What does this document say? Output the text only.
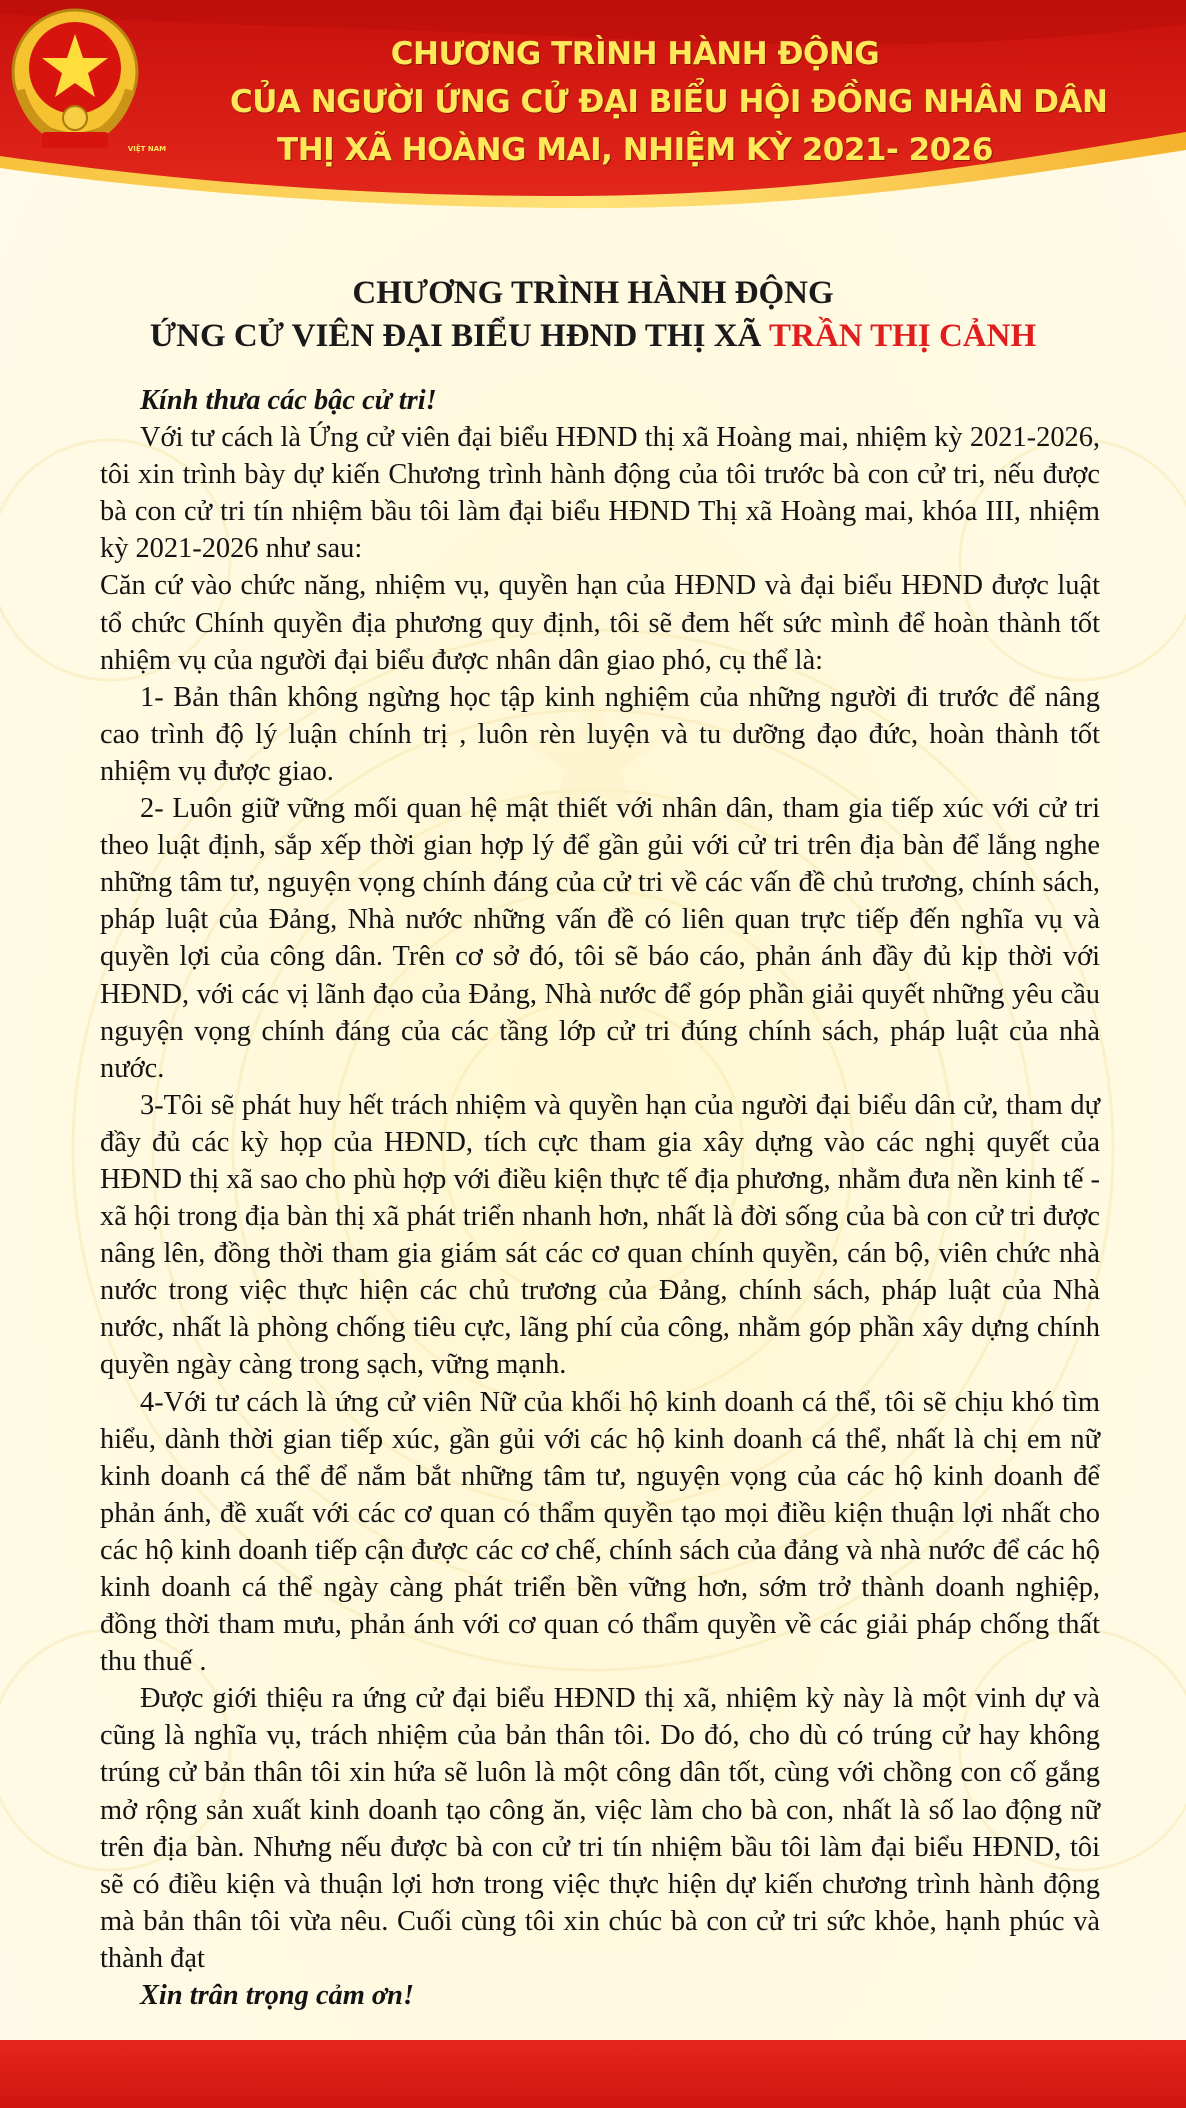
VIỆT NAM
CHƯƠNG TRÌNH HÀNH ĐỘNG
CỦA NGƯỜI ỨNG CỬ ĐẠI BIỂU HỘI ĐỒNG NHÂN DÂN
THỊ XÃ HOÀNG MAI, NHIỆM KỲ 2021- 2026
CHƯƠNG TRÌNH HÀNH ĐỘNG
ỨNG CỬ VIÊN ĐẠI BIỂU HĐND THỊ XÃ TRẦN THỊ CẢNH

Kính thưa các bậc cử tri!

Với tư cách là Ứng cử viên đại biểu HĐND thị xã Hoàng mai, nhiệm kỳ 2021-2026, tôi xin trình bày dự kiến Chương trình hành động của tôi trước bà con cử tri, nếu được bà con cử tri tín nhiệm bầu tôi làm đại biểu HĐND Thị xã Hoàng mai, khóa III, nhiệm kỳ 2021-2026 như sau:

Căn cứ vào chức năng, nhiệm vụ, quyền hạn của HĐND và đại biểu HĐND được luật tổ chức Chính quyền địa phương quy định, tôi sẽ đem hết sức mình để hoàn thành tốt nhiệm vụ của người đại biểu được nhân dân giao phó, cụ thể là:

1- Bản thân không ngừng học tập kinh nghiệm của những người đi trước để nâng cao trình độ lý luận chính trị , luôn rèn luyện và tu dưỡng đạo đức, hoàn thành tốt nhiệm vụ được giao.

2- Luôn giữ vững mối quan hệ mật thiết với nhân dân, tham gia tiếp xúc với cử tri theo luật định, sắp xếp thời gian hợp lý để gần gủi với cử tri trên địa bàn để lắng nghe những tâm tư, nguyện vọng chính đáng của cử tri về các vấn đề chủ trương, chính sách, pháp luật của Đảng, Nhà nước những vấn đề có liên quan trực tiếp đến nghĩa vụ và quyền lợi của công dân. Trên cơ sở đó, tôi sẽ báo cáo, phản ánh đầy đủ kịp thời với HĐND, với các vị lãnh đạo của Đảng, Nhà nước để góp phần giải quyết những yêu cầu nguyện vọng chính đáng của các tầng lớp cử tri đúng chính sách, pháp luật của nhà nước.

3-Tôi sẽ phát huy hết trách nhiệm và quyền hạn của người đại biểu dân cử, tham dự đầy đủ các kỳ họp của HĐND, tích cực tham gia xây dựng vào các nghị quyết của HĐND thị xã sao cho phù hợp với điều kiện thực tế địa phương, nhằm đưa nền kinh tế - xã hội trong địa bàn thị xã phát triển nhanh hơn, nhất là đời sống của bà con cử tri được nâng lên, đồng thời tham gia giám sát các cơ quan chính quyền, cán bộ, viên chức nhà nước trong việc thực hiện các chủ trương của Đảng, chính sách, pháp luật của Nhà nước, nhất là phòng chống tiêu cực, lãng phí của công, nhằm góp phần xây dựng chính quyền ngày càng trong sạch, vững mạnh.

4-Với tư cách là ứng cử viên Nữ của khối hộ kinh doanh cá thể, tôi sẽ chịu khó tìm hiểu, dành thời gian tiếp xúc, gần gủi với các hộ kinh doanh cá thể, nhất là chị em nữ kinh doanh cá thể để nắm bắt những tâm tư, nguyện vọng của các hộ kinh doanh để phản ánh, đề xuất với các cơ quan có thẩm quyền tạo mọi điều kiện thuận lợi nhất cho các hộ kinh doanh tiếp cận được các cơ chế, chính sách của đảng và nhà nước để các hộ kinh doanh cá thể ngày càng phát triển bền vững hơn, sớm trở thành doanh nghiệp, đồng thời tham mưu, phản ánh với cơ quan có thẩm quyền về các giải pháp chống thất thu thuế .

Được giới thiệu ra ứng cử đại biểu HĐND thị xã, nhiệm kỳ này là một vinh dự và cũng là nghĩa vụ, trách nhiệm của bản thân tôi. Do đó, cho dù có trúng cử hay không trúng cử bản thân tôi xin hứa sẽ luôn là một công dân tốt, cùng với chồng con cố gắng mở rộng sản xuất kinh doanh tạo công ăn, việc làm cho bà con, nhất là số lao động nữ trên địa bàn. Nhưng nếu được bà con cử tri tín nhiệm bầu tôi làm đại biểu HĐND, tôi sẽ có điều kiện và thuận lợi hơn trong việc thực hiện dự kiến chương trình hành động mà bản thân tôi vừa nêu. Cuối cùng tôi xin chúc bà con cử tri sức khỏe, hạnh phúc và thành đạt

Xin trân trọng cảm ơn!
